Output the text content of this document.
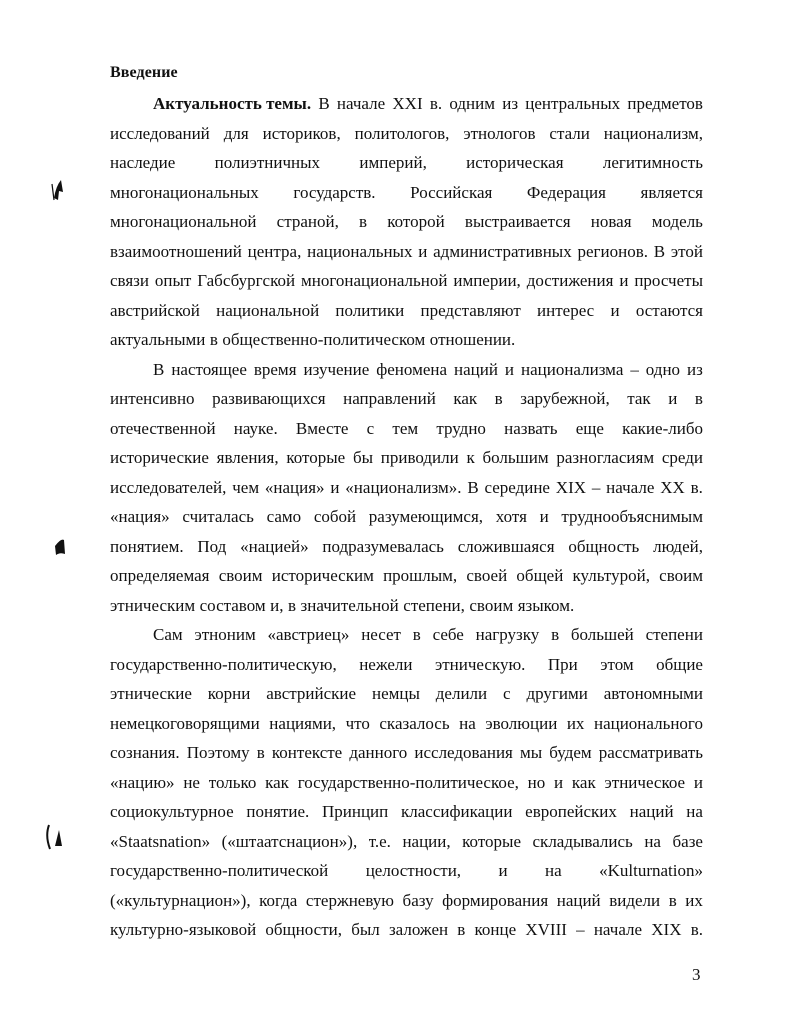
Введение
Актуальность темы. В начале XXI в. одним из центральных предметов
исследований для историков, политологов, этнологов стали национализм,
наследие полиэтничных империй, историческая легитимность
многонациональных государств. Российская Федерация является
многонациональной страной, в которой выстраивается новая модель
взаимоотношений центра, национальных и административных регионов. В этой
связи опыт Габсбургской многонациональной империи, достижения и просчеты
австрийской национальной политики представляют интерес и остаются
актуальными в общественно-политическом отношении.
В настоящее время изучение феномена наций и национализма – одно из
интенсивно развивающихся направлений как в зарубежной, так и в
отечественной науке. Вместе с тем трудно назвать еще какие-либо
исторические явления, которые бы приводили к большим разногласиям среди
исследователей, чем «нация» и «национализм». В середине XIX – начале XX в.
«нация» считалась само собой разумеющимся, хотя и труднообъяснимым
понятием. Под «нацией» подразумевалась сложившаяся общность людей,
определяемая своим историческим прошлым, своей общей культурой, своим
этническим составом и, в значительной степени, своим языком.
Сам этноним «австриец» несет в себе нагрузку в большей степени
государственно-политическую, нежели этническую. При этом общие
этнические корни австрийские немцы делили с другими автономными
немецкоговорящими нациями, что сказалось на эволюции их национального
сознания. Поэтому в контексте данного исследования мы будем рассматривать
«нацию» не только как государственно-политическое, но и как этническое и
социокультурное понятие. Принцип классификации европейских наций на
«Staatsnation» («штаатснацион»), т.е. нации, которые складывались на базе
государственно-политической целостности, и на «Kulturnation»
(«культурнацион»), когда стержневую базу формирования наций видели в их
культурно-языковой общности, был заложен в конце XVIII – начале XIX в.
3
